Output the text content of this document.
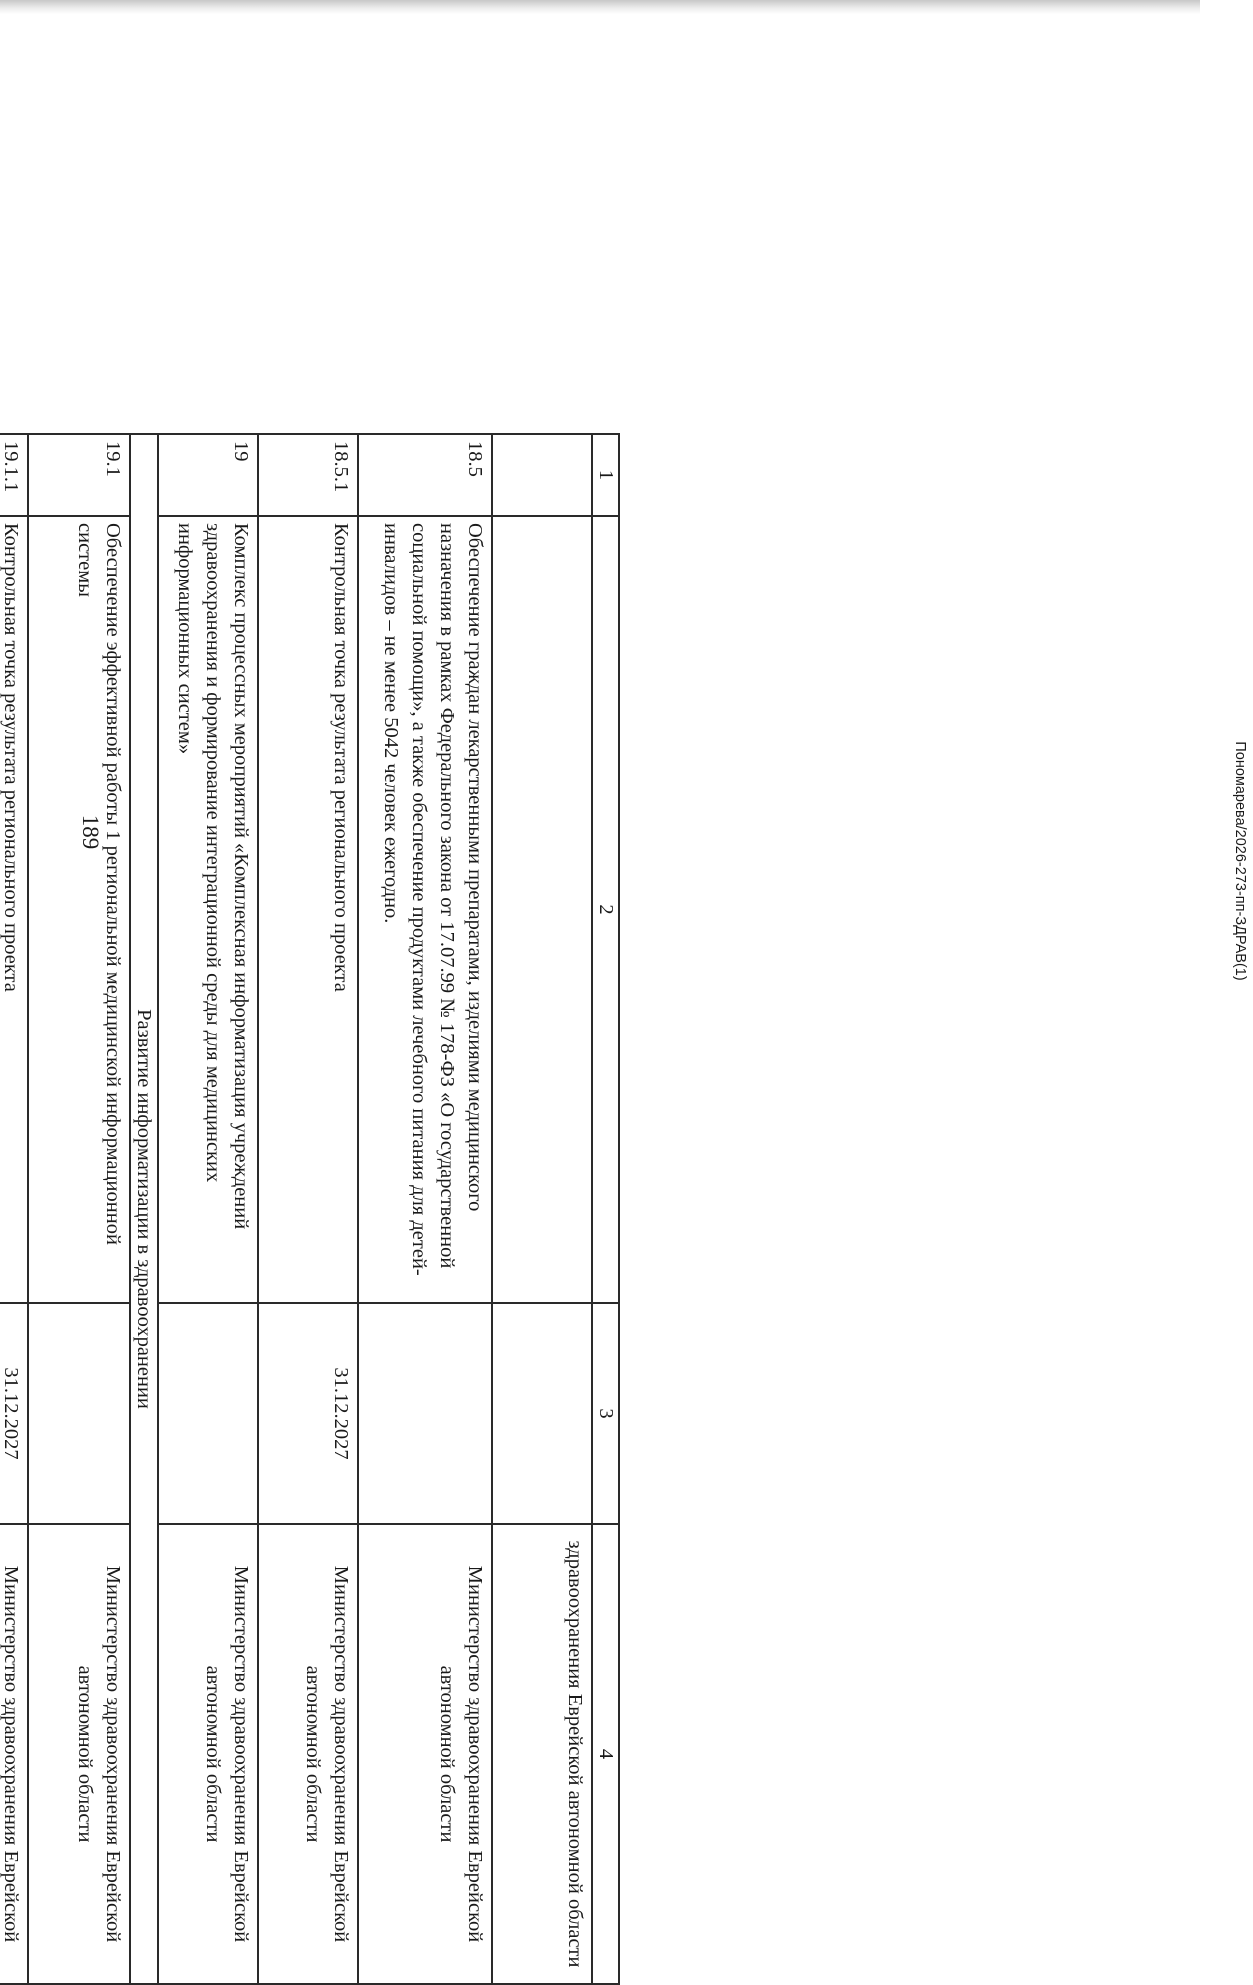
189
1	2	3	4
			здравоохранения Еврейской автономной области
18.5	Обеспечение граждан лекарственными препаратами, изделиями медицинского назначения в рамках Федерального закона от 17.07.99 № 178-ФЗ «О государственной социальной помощи», а также обеспечение продуктами лечебного питания для детей-инвалидов – не менее 5042 человек ежегодно.		Министерство здравоохранения Еврейской автономной области
18.5.1	Контрольная точка результата регионального проекта	31.12.2027	Министерство здравоохранения Еврейской автономной области
19	Комплекс процессных мероприятий «Комплексная информатизация учреждений здравоохранения и формирование интеграционной среды для медицинских информационных систем»		Министерство здравоохранения Еврейской автономной области
Развитие информатизации в здравоохранении			
19.1	Обеспечение эффективной работы 1 региональной медицинской информационной системы		Министерство здравоохранения Еврейской автономной области
19.1.1	Контрольная точка результата регионального проекта	31.12.2027	Министерство здравоохранения Еврейской

Пономарева/2026-273-пп-ЗДРАВ(1)
